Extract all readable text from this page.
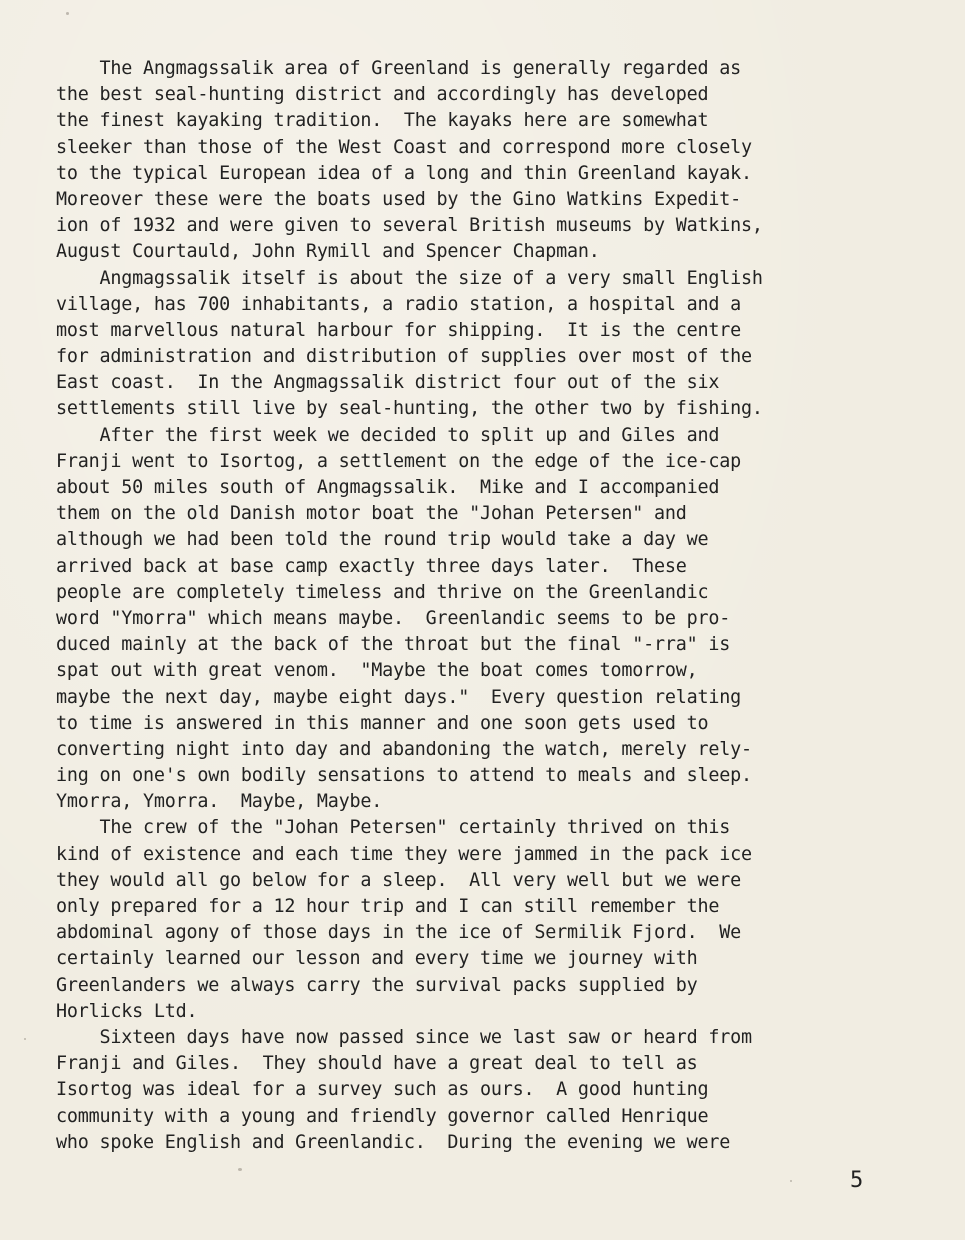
The Angmagssalik area of Greenland is generally regarded as
the best seal-hunting district and accordingly has developed
the finest kayaking tradition.  The kayaks here are somewhat
sleeker than those of the West Coast and correspond more closely
to the typical European idea of a long and thin Greenland kayak.
Moreover these were the boats used by the Gino Watkins Expedit-
ion of 1932 and were given to several British museums by Watkins,
August Courtauld, John Rymill and Spencer Chapman.
Angmagssalik itself is about the size of a very small English
village, has 700 inhabitants, a radio station, a hospital and a
most marvellous natural harbour for shipping.  It is the centre
for administration and distribution of supplies over most of the
East coast.  In the Angmagssalik district four out of the six
settlements still live by seal-hunting, the other two by fishing.
After the first week we decided to split up and Giles and
Franji went to Isortog, a settlement on the edge of the ice-cap
about 50 miles south of Angmagssalik.  Mike and I accompanied
them on the old Danish motor boat the "Johan Petersen" and
although we had been told the round trip would take a day we
arrived back at base camp exactly three days later.  These
people are completely timeless and thrive on the Greenlandic
word "Ymorra" which means maybe.  Greenlandic seems to be pro-
duced mainly at the back of the throat but the final "-rra" is
spat out with great venom.  "Maybe the boat comes tomorrow,
maybe the next day, maybe eight days."  Every question relating
to time is answered in this manner and one soon gets used to
converting night into day and abandoning the watch, merely rely-
ing on one's own bodily sensations to attend to meals and sleep.
Ymorra, Ymorra.  Maybe, Maybe.
The crew of the "Johan Petersen" certainly thrived on this
kind of existence and each time they were jammed in the pack ice
they would all go below for a sleep.  All very well but we were
only prepared for a 12 hour trip and I can still remember the
abdominal agony of those days in the ice of Sermilik Fjord.  We
certainly learned our lesson and every time we journey with
Greenlanders we always carry the survival packs supplied by
Horlicks Ltd.
Sixteen days have now passed since we last saw or heard from
Franji and Giles.  They should have a great deal to tell as
Isortog was ideal for a survey such as ours.  A good hunting
community with a young and friendly governor called Henrique
who spoke English and Greenlandic.  During the evening we were
5
